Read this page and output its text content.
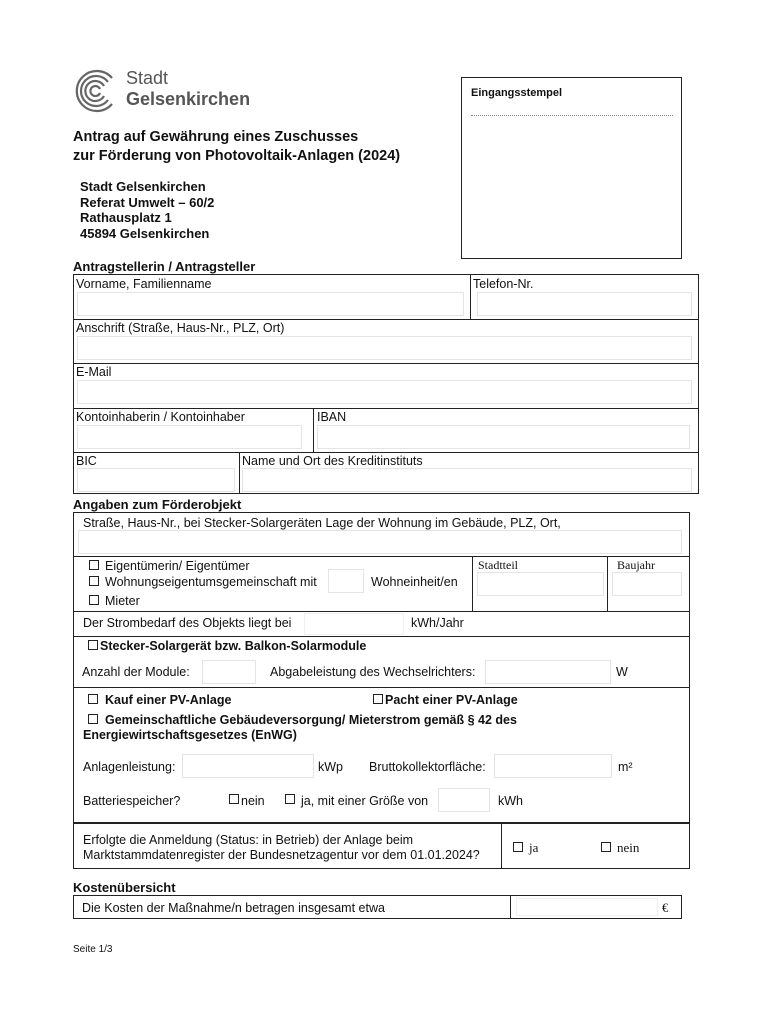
Stadt
Gelsenkirchen	Eingangsstempel
Antrag auf Gewährung eines Zuschusses
zur Förderung von Photovoltaik-Anlagen (2024)
Stadt Gelsenkirchen
Referat Umwelt – 60/2
Rathausplatz 1
45894 Gelsenkirchen
Antragstellerin / Antragsteller
Vorname, Familienname	Telefon-Nr.
Anschrift (Straße, Haus-Nr., PLZ, Ort)
E-Mail
Kontoinhaberin / Kontoinhaber	IBAN
BIC	Name und Ort des Kreditinstituts
Angaben zum Förderobjekt
Straße, Haus-Nr., bei Stecker-Solargeräten Lage der Wohnung im Gebäude, PLZ, Ort,
Eigentümerin/ Eigentümer
Wohnungseigentumsgemeinschaft mit	Wohneinheit/en
Mieter
Stadtteil	Baujahr
Der Strombedarf des Objekts liegt bei	kWh/Jahr
Stecker-Solargerät bzw. Balkon-Solarmodule
Anzahl der Module:	Abgabeleistung des Wechselrichters:	W
Kauf einer PV-Anlage	Pacht einer PV-Anlage
Gemeinschaftliche Gebäudeversorgung/ Mieterstrom gemäß § 42 des
Energiewirtschaftsgesetzes (EnWG)
Anlagenleistung:	kWp Bruttokollektorfläche:	m²
Batteriespeicher?	nein	ja, mit einer Größe von	kWh
Erfolgte die Anmeldung (Status: in Betrieb) der Anlage beim
Marktstammdatenregister der Bundesnetzagentur vor dem 01.01.2024?	ja	nein
Kostenübersicht
Die Kosten der Maßnahme/n betragen insgesamt etwa	€
Seite 1/3
